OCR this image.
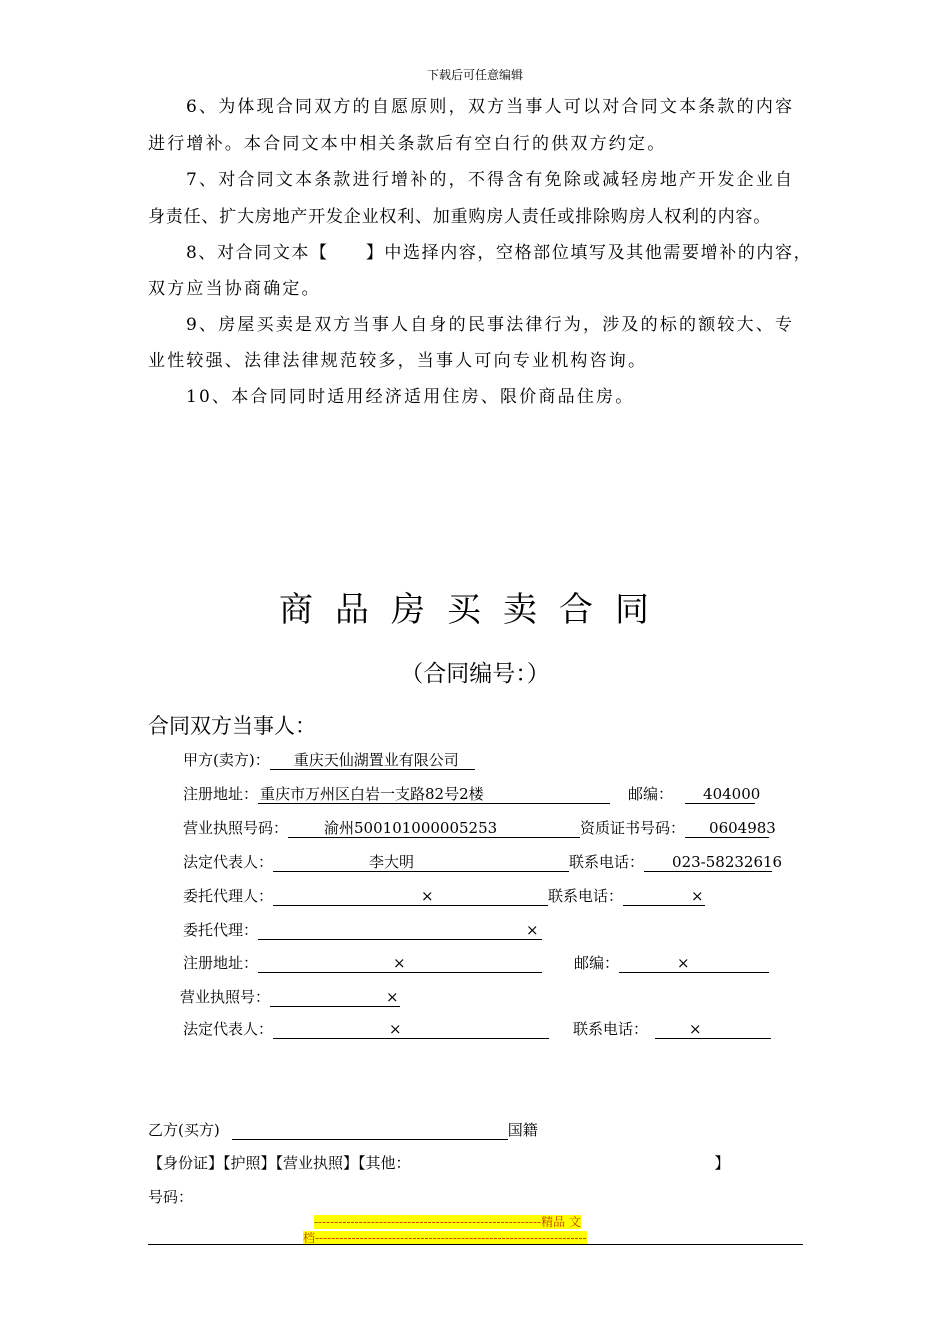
下载后可任意编辑
6、为体现合同双方的自愿原则，双方当事人可以对合同文本条款的内容
进行增补。本合同文本中相关条款后有空白行的供双方约定。
7、对合同文本条款进行增补的，不得含有免除或减轻房地产开发企业自
身责任、扩大房地产开发企业权利、加重购房人责任或排除购房人权利的内容。
8、对合同文本【　　】中选择内容，空格部位填写及其他需要增补的内容，
双方应当协商确定。
9、房屋买卖是双方当事人自身的民事法律行为，涉及的标的额较大、专
业性较强、法律法律规范较多，当事人可向专业机构咨询。
10、本合同同时适用经济适用住房、限价商品住房。
商品房买卖合同
（合同编号：）
合同双方当事人：
甲方(卖方)： 重庆天仙湖置业有限公司
注册地址： 重庆市万州区白岩一支路82号2楼	邮编： 404000
营业执照号码： 渝州500101000005253	资质证书号码： 0604983
法定代表人：	李大明	联系电话： 023-58232616
委托代理人：	×	联系电话：	×
委托代理：	×
注册地址：	×	邮编：	×
营业执照号：	×
法定代表人：	×	联系电话：	×
乙方(买方)	国籍
【身份证】【护照】【营业执照】【其他：	】
号码：
--------------------------------------------------------精品 文
档-------------------------------------------------------------------
